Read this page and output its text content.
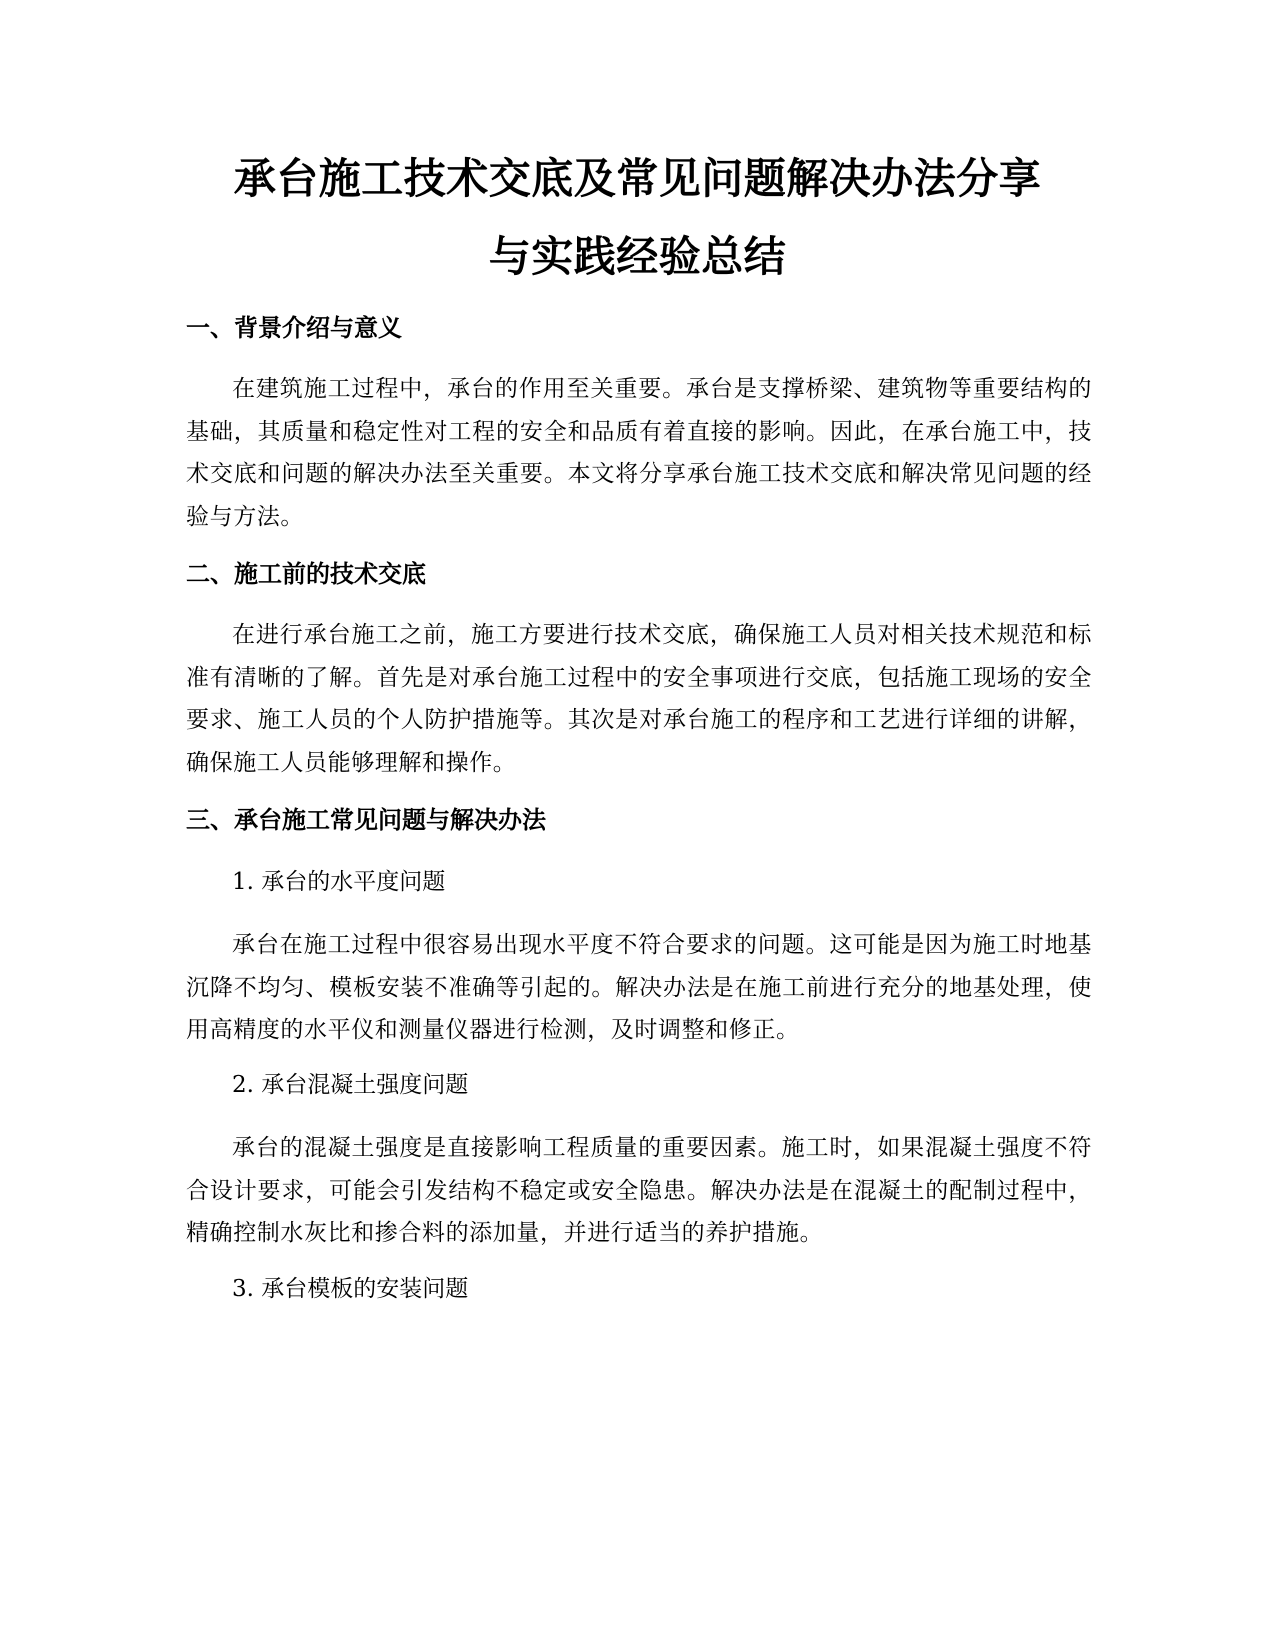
承台施工技术交底及常见问题解决办法分享
与实践经验总结
一、背景介绍与意义

在建筑施工过程中，承台的作用至关重要。承台是支撑桥梁、建筑物等重要结构的基础，其质量和稳定性对工程的安全和品质有着直接的影响。因此，在承台施工中，技术交底和问题的解决办法至关重要。本文将分享承台施工技术交底和解决常见问题的经验与方法。

二、施工前的技术交底

在进行承台施工之前，施工方要进行技术交底，确保施工人员对相关技术规范和标准有清晰的了解。首先是对承台施工过程中的安全事项进行交底，包括施工现场的安全要求、施工人员的个人防护措施等。其次是对承台施工的程序和工艺进行详细的讲解，确保施工人员能够理解和操作。

三、承台施工常见问题与解决办法

1. 承台的水平度问题

承台在施工过程中很容易出现水平度不符合要求的问题。这可能是因为施工时地基沉降不均匀、模板安装不准确等引起的。解决办法是在施工前进行充分的地基处理，使用高精度的水平仪和测量仪器进行检测，及时调整和修正。

2. 承台混凝土强度问题

承台的混凝土强度是直接影响工程质量的重要因素。施工时，如果混凝土强度不符合设计要求，可能会引发结构不稳定或安全隐患。解决办法是在混凝土的配制过程中，精确控制水灰比和掺合料的添加量，并进行适当的养护措施。

3. 承台模板的安装问题
